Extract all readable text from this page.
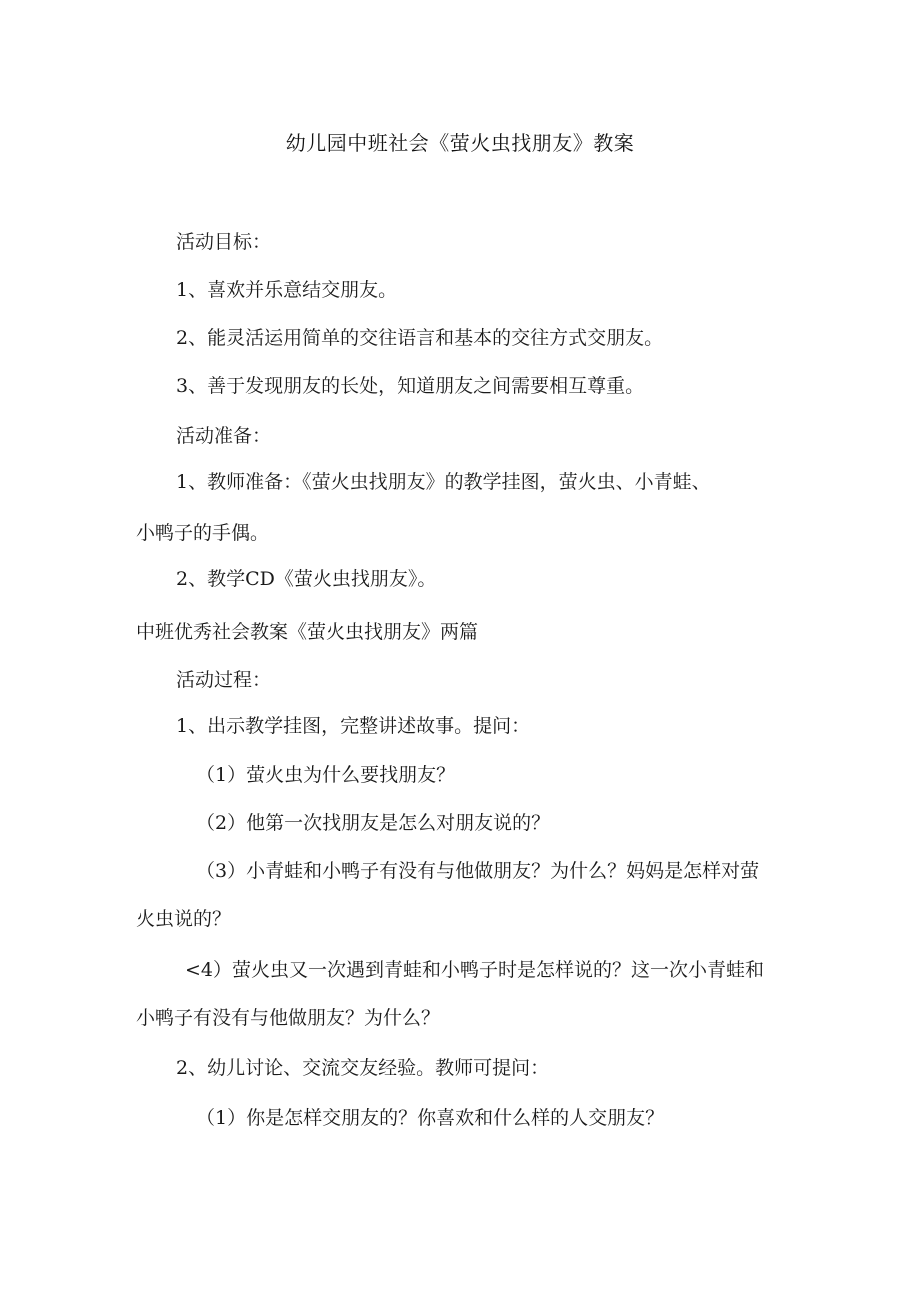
幼儿园中班社会《萤火虫找朋友》教案
活动目标：
1、喜欢并乐意结交朋友。
2、能灵活运用简单的交往语言和基本的交往方式交朋友。
3、善于发现朋友的长处，知道朋友之间需要相互尊重。
活动准备：
1、教师准备：《萤火虫找朋友》的教学挂图，萤火虫、小青蛙、
小鸭子的手偶。
2、教学CD《萤火虫找朋友》。
中班优秀社会教案《萤火虫找朋友》两篇
活动过程：
1、出示教学挂图，完整讲述故事。提问：
（1）萤火虫为什么要找朋友？
（2）他第一次找朋友是怎么对朋友说的？
（3）小青蛙和小鸭子有没有与他做朋友？为什么？妈妈是怎样对萤
火虫说的？
<4）萤火虫又一次遇到青蛙和小鸭子时是怎样说的？这一次小青蛙和
小鸭子有没有与他做朋友？为什么？
2、幼儿讨论、交流交友经验。教师可提问：
（1）你是怎样交朋友的？你喜欢和什么样的人交朋友？
